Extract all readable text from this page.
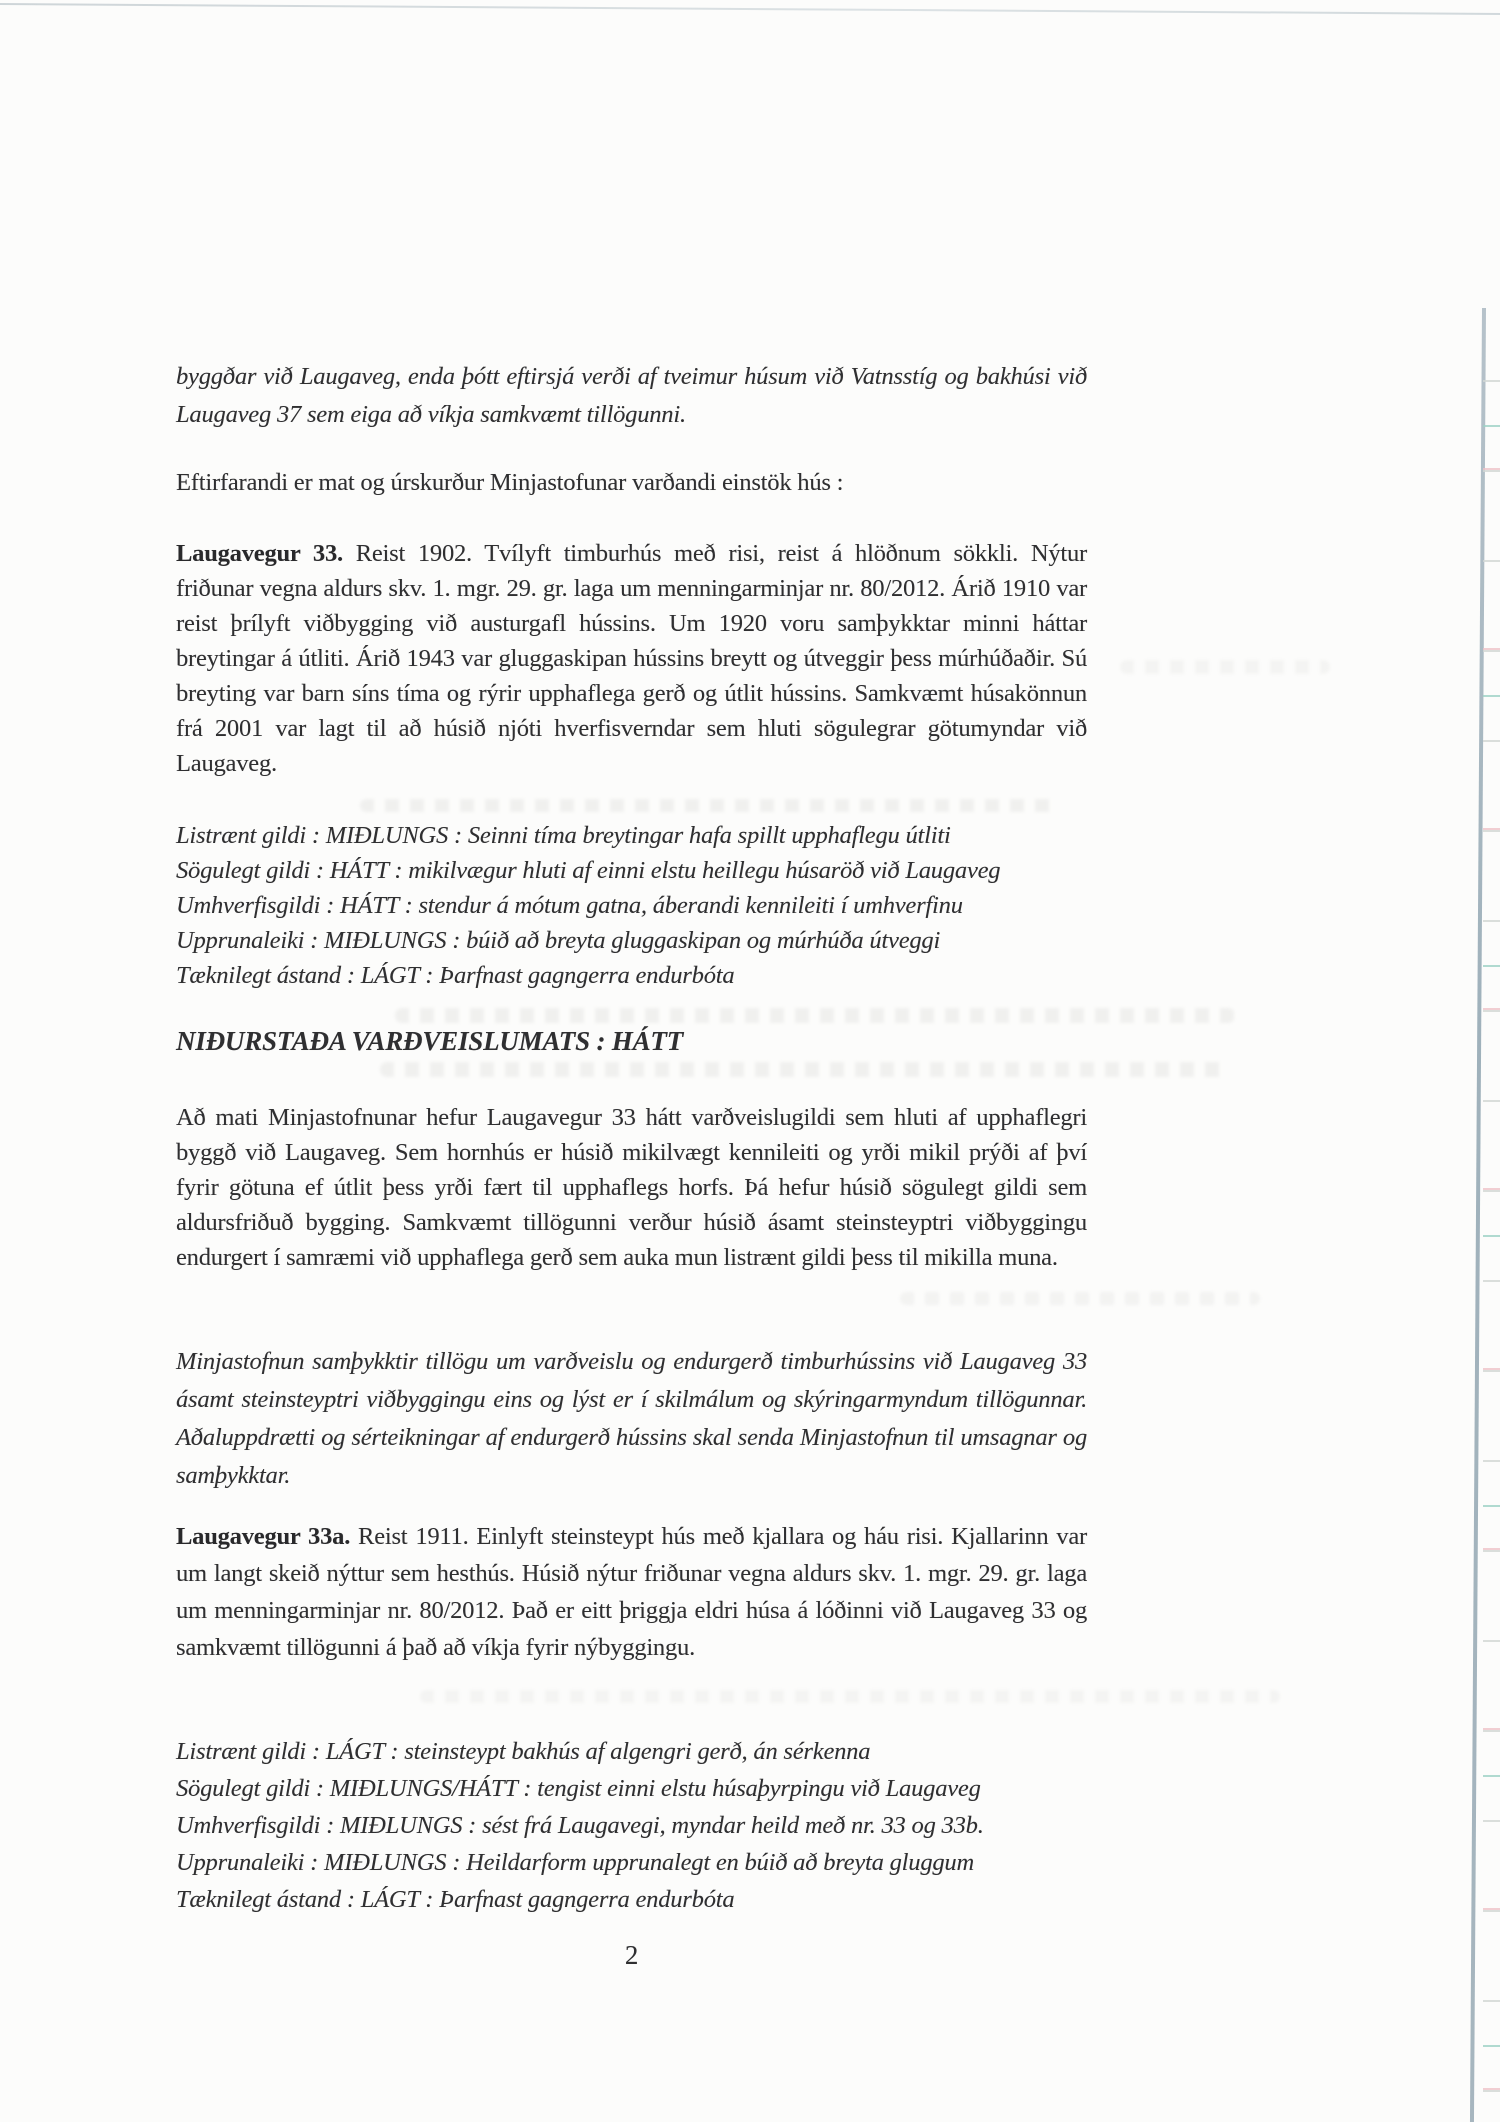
byggðar við Laugaveg, enda þótt eftirsjá verði af tveimur húsum við Vatnsstíg og bakhúsi við Laugaveg 37 sem eiga að víkja samkvæmt tillögunni.

Eftirfarandi er mat og úrskurður Minjastofunar varðandi einstök hús :

Laugavegur 33. Reist 1902. Tvílyft timburhús með risi, reist á hlöðnum sökkli. Nýtur friðunar vegna aldurs skv. 1. mgr. 29. gr. laga um menningarminjar nr. 80/2012. Árið 1910 var reist þrílyft viðbygging við austurgafl hússins. Um 1920 voru samþykktar minni háttar breytingar á útliti. Árið 1943 var gluggaskipan hússins breytt og útveggir þess múrhúðaðir. Sú breyting var barn síns tíma og rýrir upphaflega gerð og útlit hússins. Samkvæmt húsakönnun frá 2001 var lagt til að húsið njóti hverfisverndar sem hluti sögulegrar götumyndar við Laugaveg.

Listrænt gildi : MIÐLUNGS : Seinni tíma breytingar hafa spillt upphaflegu útliti
Sögulegt gildi : HÁTT : mikilvægur hluti af einni elstu heillegu húsaröð við Laugaveg
Umhverfisgildi : HÁTT : stendur á mótum gatna, áberandi kennileiti í umhverfinu
Upprunaleiki : MIÐLUNGS : búið að breyta gluggaskipan og múrhúða útveggi
Tæknilegt ástand : LÁGT : Þarfnast gagngerra endurbóta

NIÐURSTAÐA VARÐVEISLUMATS : HÁTT

Að mati Minjastofnunar hefur Laugavegur 33 hátt varðveislugildi sem hluti af upphaflegri byggð við Laugaveg. Sem hornhús er húsið mikilvægt kennileiti og yrði mikil prýði af því fyrir götuna ef útlit þess yrði fært til upphaflegs horfs. Þá hefur húsið sögulegt gildi sem aldursfriðuð bygging. Samkvæmt tillögunni verður húsið ásamt steinsteyptri viðbyggingu endurgert í samræmi við upphaflega gerð sem auka mun listrænt gildi þess til mikilla muna.

Minjastofnun samþykktir tillögu um varðveislu og endurgerð timburhússins við Laugaveg 33 ásamt steinsteyptri viðbyggingu eins og lýst er í skilmálum og skýringarmyndum tillögunnar. Aðaluppdrætti og sérteikningar af endurgerð hússins skal senda Minjastofnun til umsagnar og samþykktar.

Laugavegur 33a. Reist 1911. Einlyft steinsteypt hús með kjallara og háu risi. Kjallarinn var um langt skeið nýttur sem hesthús. Húsið nýtur friðunar vegna aldurs skv. 1. mgr. 29. gr. laga um menningarminjar nr. 80/2012. Það er eitt þriggja eldri húsa á lóðinni við Laugaveg 33 og samkvæmt tillögunni á það að víkja fyrir nýbyggingu.

Listrænt gildi : LÁGT : steinsteypt bakhús af algengri gerð, án sérkenna
Sögulegt gildi : MIÐLUNGS/HÁTT : tengist einni elstu húsaþyrpingu við Laugaveg
Umhverfisgildi : MIÐLUNGS : sést frá Laugavegi, myndar heild með nr. 33 og 33b.
Upprunaleiki : MIÐLUNGS : Heildarform upprunalegt en búið að breyta gluggum
Tæknilegt ástand : LÁGT : Þarfnast gagngerra endurbóta
2
